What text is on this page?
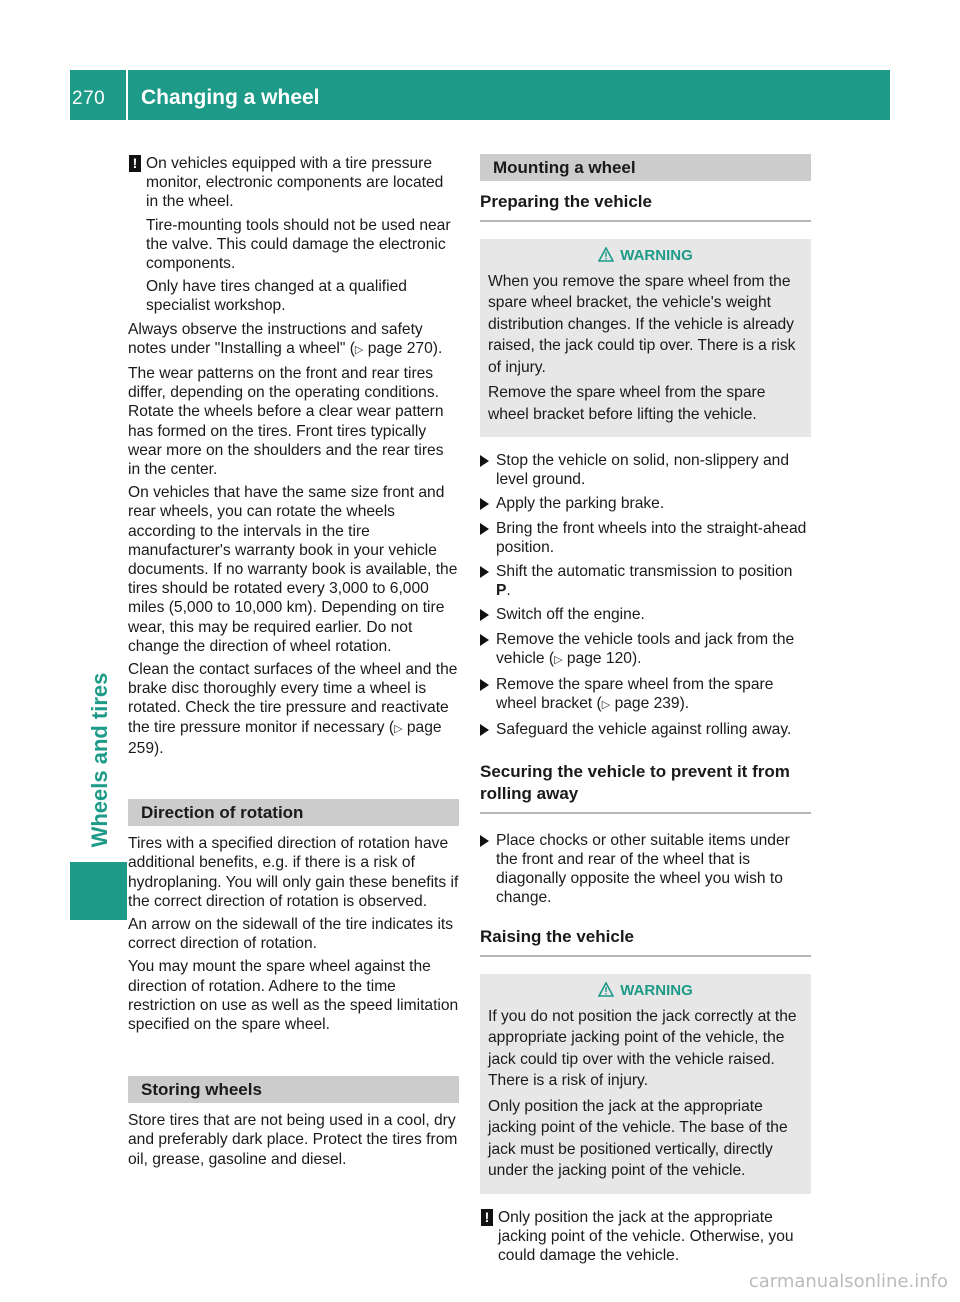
270	Changing a wheel
Wheels and tires
! On vehicles equipped with a tire pressure monitor, electronic components are located in the wheel.

Tire-mounting tools should not be used near the valve. This could damage the electronic components.

Only have tires changed at a qualified specialist workshop.

Always observe the instructions and safety notes under "Installing a wheel" (▷ page 270).

The wear patterns on the front and rear tires differ, depending on the operating conditions. Rotate the wheels before a clear wear pattern has formed on the tires. Front tires typically wear more on the shoulders and the rear tires in the center.

On vehicles that have the same size front and rear wheels, you can rotate the wheels according to the intervals in the tire manufacturer's warranty book in your vehicle documents. If no warranty book is available, the tires should be rotated every 3,000 to 6,000 miles (5,000 to 10,000 km). Depending on tire wear, this may be required earlier. Do not change the direction of wheel rotation.

Clean the contact surfaces of the wheel and the brake disc thoroughly every time a wheel is rotated. Check the tire pressure and reactivate the tire pressure monitor if necessary (▷ page 259).

Direction of rotation

Tires with a specified direction of rotation have additional benefits, e.g. if there is a risk of hydroplaning. You will only gain these benefits if the correct direction of rotation is observed.

An arrow on the sidewall of the tire indicates its correct direction of rotation.

You may mount the spare wheel against the direction of rotation. Adhere to the time restriction on use as well as the speed limitation specified on the spare wheel.

Storing wheels

Store tires that are not being used in a cool, dry and preferably dark place. Protect the tires from oil, grease, gasoline and diesel.

Mounting a wheel
Preparing the vehicle
WARNING

When you remove the spare wheel from the spare wheel bracket, the vehicle's weight distribution changes. If the vehicle is already raised, the jack could tip over. There is a risk of injury.

Remove the spare wheel from the spare wheel bracket before lifting the vehicle.

Stop the vehicle on solid, non-slippery and level ground.
Apply the parking brake.
Bring the front wheels into the straight-ahead position.
Shift the automatic transmission to position P.
Switch off the engine.
Remove the vehicle tools and jack from the vehicle (▷ page 120).
Remove the spare wheel from the spare wheel bracket (▷ page 239).
Safeguard the vehicle against rolling away.
Securing the vehicle to prevent it from rolling away
Place chocks or other suitable items under the front and rear of the wheel that is diagonally opposite the wheel you wish to change.
Raising the vehicle
WARNING

If you do not position the jack correctly at the appropriate jacking point of the vehicle, the jack could tip over with the vehicle raised. There is a risk of injury.

Only position the jack at the appropriate jacking point of the vehicle. The base of the jack must be positioned vertically, directly under the jacking point of the vehicle.

! Only position the jack at the appropriate jacking point of the vehicle. Otherwise, you could damage the vehicle.

carmanualsonline.info
